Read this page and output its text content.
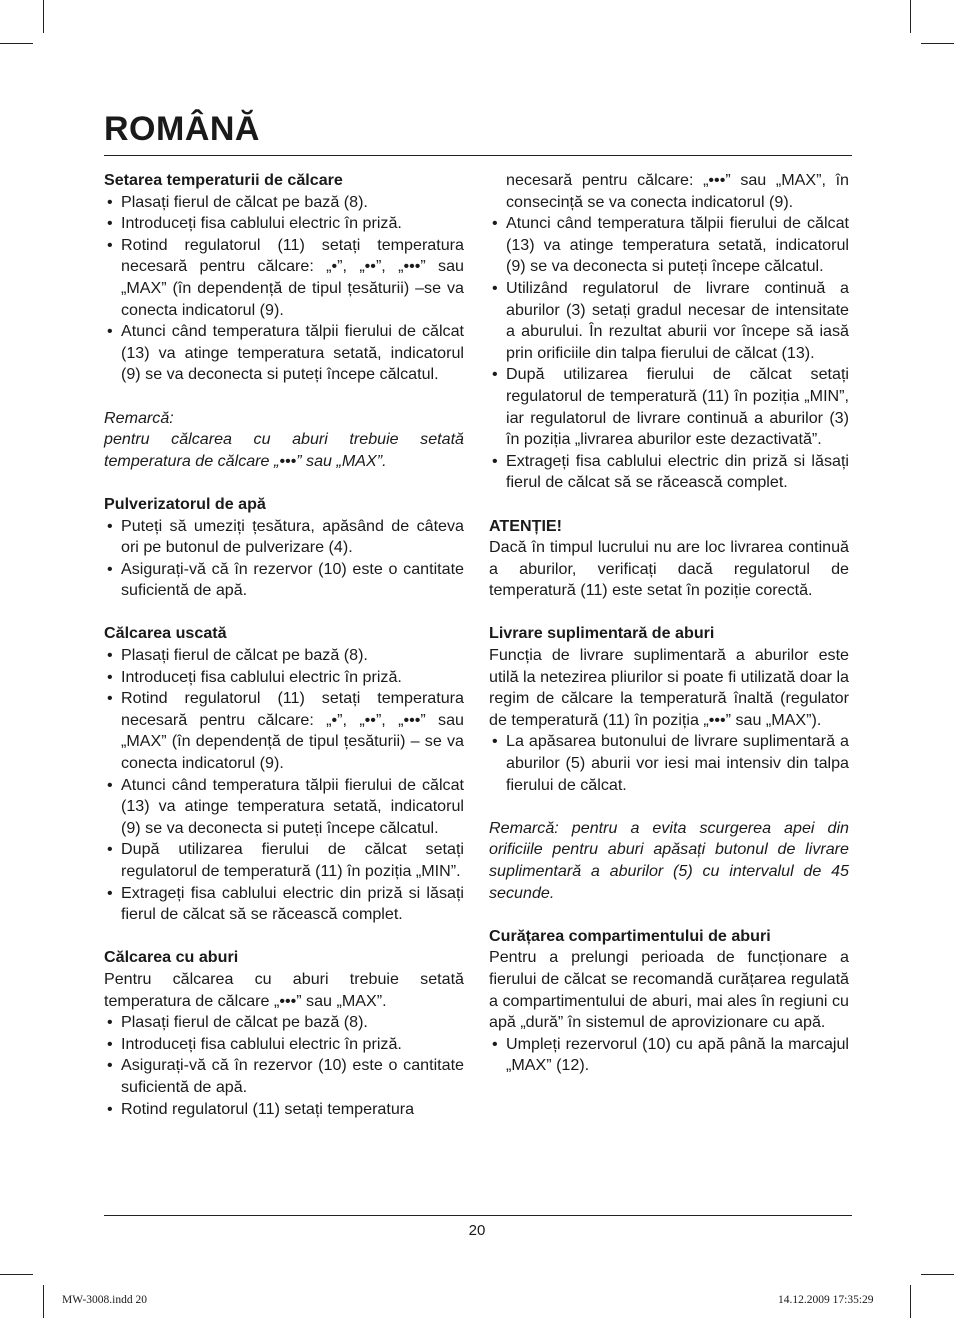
ROMÂNĂ
Setarea temperaturii de călcare
• Plasați fierul de călcat pe bază (8).
• Introduceți fisa cablului electric în priză.
• Rotind regulatorul (11) setați temperatura necesară pentru călcare: „•”, „••”, „•••” sau „MAX” (în dependență de tipul țesăturii) –se va conecta indicatorul (9).
• Atunci când temperatura tălpii fierului de călcat (13) va atinge temperatura setată, indicatorul (9) se va deconecta si puteți începe călcatul.

Remarcă:

pentru călcarea cu aburi trebuie setată temperatura de călcare „•••” sau „MAX”.

Pulverizatorul de apă
• Puteți să umeziți țesătura, apăsând de câteva ori pe butonul de pulverizare (4).
• Asigurați-vă că în rezervor (10) este o cantitate suficientă de apă.
Călcarea uscată
• Plasați fierul de călcat pe bază (8).
• Introduceți fisa cablului electric în priză.
• Rotind regulatorul (11) setați temperatura necesară pentru călcare: „•”, „••”, „•••” sau „MAX” (în dependență de tipul țesăturii) – se va conecta indicatorul (9).
• Atunci când temperatura tălpii fierului de călcat (13) va atinge temperatura setată, indicatorul (9) se va deconecta si puteți începe călcatul.
• După utilizarea fierului de călcat setați regulatorul de temperatură (11) în poziția „MIN”.
• Extrageți fisa cablului electric din priză si lăsați fierul de călcat să se răcească complet.
Călcarea cu aburi

Pentru călcarea cu aburi trebuie setată temperatura de călcare „•••” sau „MAX”.

• Plasați fierul de călcat pe bază (8).
• Introduceți fisa cablului electric în priză.
• Asigurați-vă că în rezervor (10) este o cantitate suficientă de apă.
• Rotind regulatorul (11) setați temperatura
necesară pentru călcare: „•••” sau „MAX”, în consecință se va conecta indicatorul (9).
• Atunci când temperatura tălpii fierului de călcat (13) va atinge temperatura setată, indicatorul (9) se va deconecta si puteți începe călcatul.
• Utilizând regulatorul de livrare continuă a aburilor (3) setați gradul necesar de intensitate a aburului. În rezultat aburii vor începe să iasă prin orificiile din talpa fierului de călcat (13).
• După utilizarea fierului de călcat setați regulatorul de temperatură (11) în poziția „MIN”, iar regulatorul de livrare continuă a aburilor (3) în poziția „livrarea aburilor este dezactivată”.
• Extrageți fisa cablului electric din priză si lăsați fierul de călcat să se răcească complet.
ATENȚIE!

Dacă în timpul lucrului nu are loc livrarea continuă a aburilor, verificați dacă regulatorul de temperatură (11) este setat în poziție corectă.

Livrare suplimentară de aburi

Funcția de livrare suplimentară a aburilor este utilă la netezirea pliurilor si poate fi utilizată doar la regim de călcare la temperatură înaltă (regulator de temperatură (11) în poziția „•••” sau „MAX”).

• La apăsarea butonului de livrare suplimentară a aburilor (5) aburii vor iesi mai intensiv din talpa fierului de călcat.

Remarcă: pentru a evita scurgerea apei din orificiile pentru aburi apăsați butonul de livrare suplimentară a aburilor (5) cu intervalul de 45 secunde.

Curățarea compartimentului de aburi

Pentru a prelungi perioada de funcționare a fierului de călcat se recomandă curățarea regulată a compartimentului de aburi, mai ales în regiuni cu apă „dură” în sistemul de aprovizionare cu apă.

• Umpleți rezervorul (10) cu apă până la marcajul „MAX” (12).
20
MW-3008.indd 20	14.12.2009 17:35:29
